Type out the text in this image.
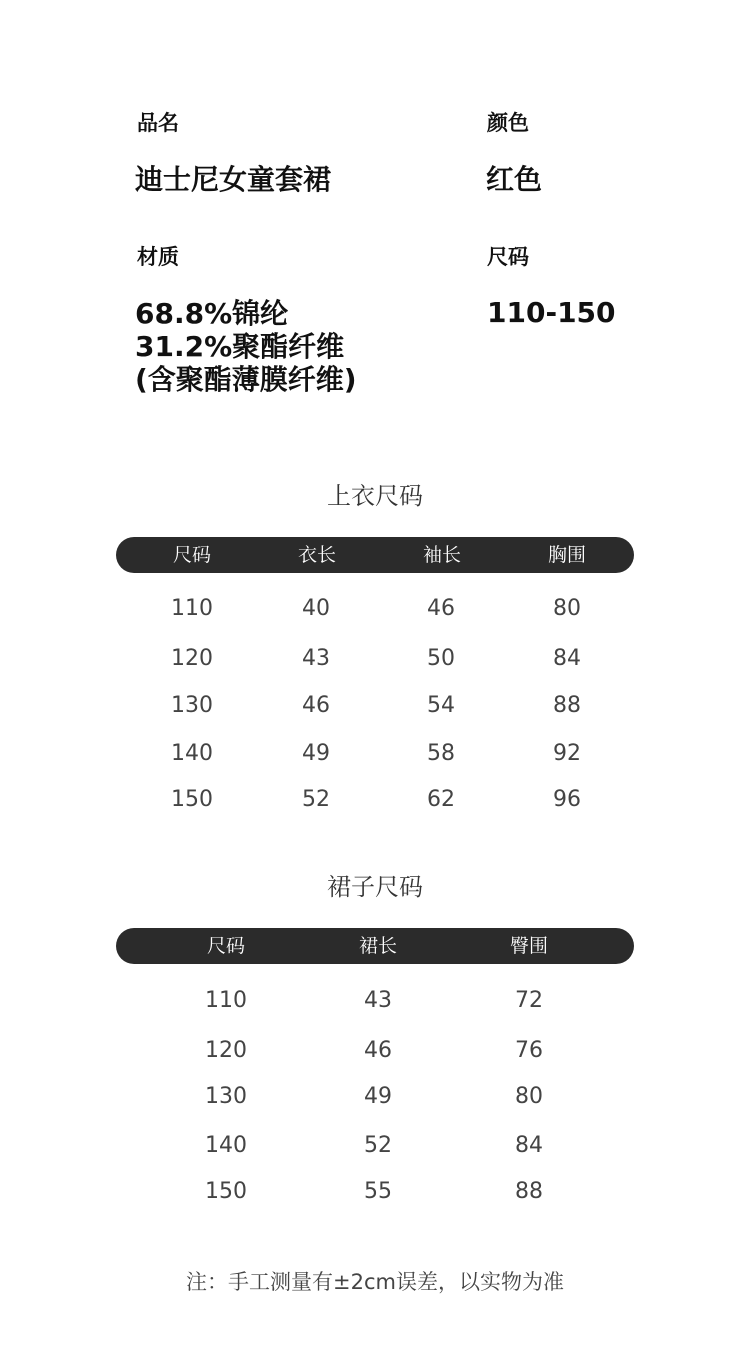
品名
迪士尼女童套裙
颜色
红色
材质
68.8%锦纶
31.2%聚酯纤维
(含聚酯薄膜纤维)
尺码
110-150
上衣尺码
尺码	衣长	袖长	胸围
110	40	46	80
120	43	50	84
130	46	54	88
140	49	58	92
150	52	62	96
裙子尺码
尺码	裙长	臀围
110	43	72
120	46	76
130	49	80
140	52	84
150	55	88
注：手工测量有±2cm误差，以实物为准
